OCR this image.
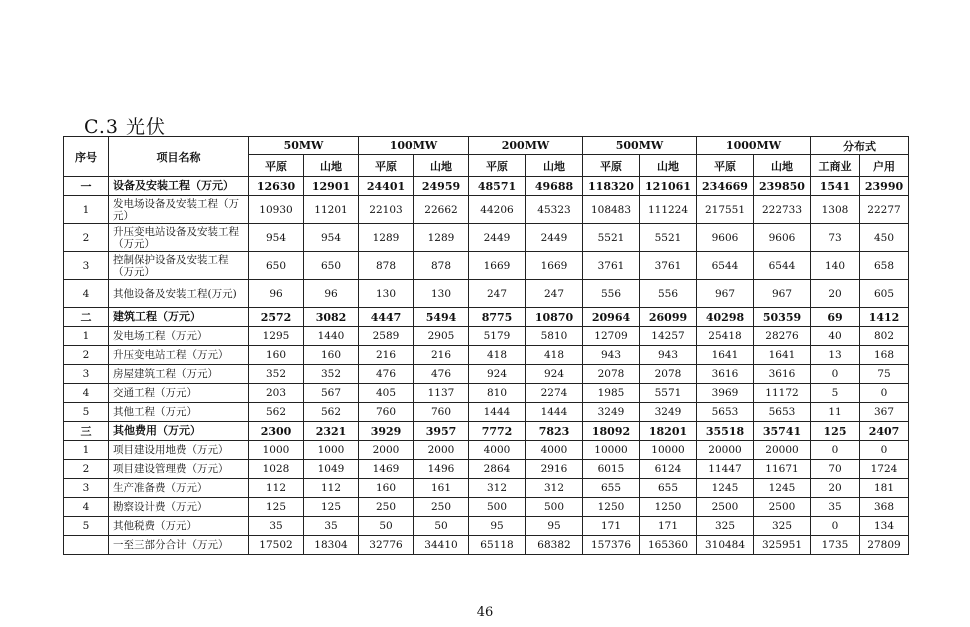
C.3 光伏
序号	项目名称	50MW		100MW		200MW		500MW		1000MW		分布式	
		平原	山地	平原	山地	平原	山地	平原	山地	平原	山地	工商业	户用
一	设备及安装工程（万元）	12630	12901	24401	24959	48571	49688	118320	121061	234669	239850	1541	23990
1	发电场设备及安装工程（万元）	10930	11201	22103	22662	44206	45323	108483	111224	217551	222733	1308	22277
2	升压变电站设备及安装工程（万元）	954	954	1289	1289	2449	2449	5521	5521	9606	9606	73	450
3	控制保护设备及安装工程（万元）	650	650	878	878	1669	1669	3761	3761	6544	6544	140	658
4	其他设备及安装工程(万元)	96	96	130	130	247	247	556	556	967	967	20	605
二	建筑工程（万元）	2572	3082	4447	5494	8775	10870	20964	26099	40298	50359	69	1412
1	发电场工程（万元）	1295	1440	2589	2905	5179	5810	12709	14257	25418	28276	40	802
2	升压变电站工程（万元）	160	160	216	216	418	418	943	943	1641	1641	13	168
3	房屋建筑工程（万元）	352	352	476	476	924	924	2078	2078	3616	3616	0	75
4	交通工程（万元）	203	567	405	1137	810	2274	1985	5571	3969	11172	5	0
5	其他工程（万元）	562	562	760	760	1444	1444	3249	3249	5653	5653	11	367
三	其他费用（万元）	2300	2321	3929	3957	7772	7823	18092	18201	35518	35741	125	2407
1	项目建设用地费（万元）	1000	1000	2000	2000	4000	4000	10000	10000	20000	20000	0	0
2	项目建设管理费（万元）	1028	1049	1469	1496	2864	2916	6015	6124	11447	11671	70	1724
3	生产准备费（万元）	112	112	160	161	312	312	655	655	1245	1245	20	181
4	勘察设计费（万元）	125	125	250	250	500	500	1250	1250	2500	2500	35	368
5	其他税费（万元）	35	35	50	50	95	95	171	171	325	325	0	134
	一至三部分合计（万元）	17502	18304	32776	34410	65118	68382	157376	165360	310484	325951	1735	27809
46
